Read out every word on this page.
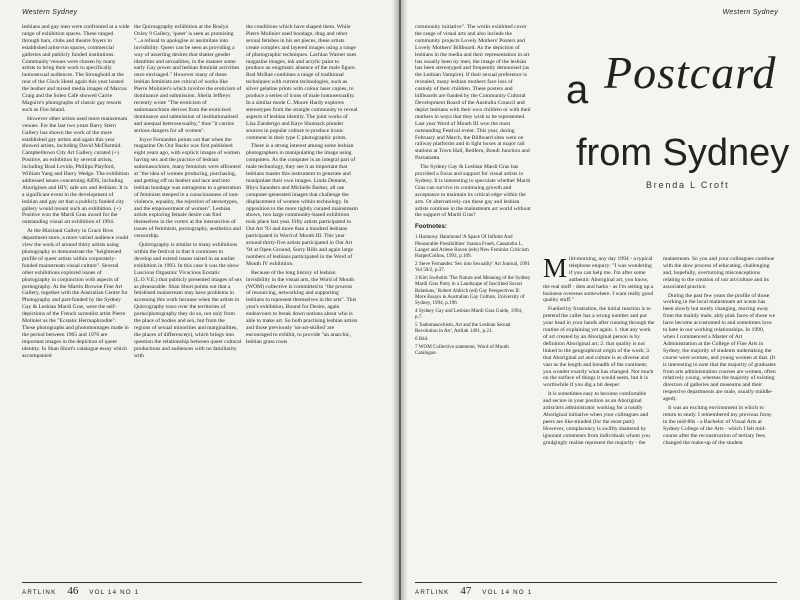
Western Sydney

lesbians and gay men were confronted at a wide range of exhibition spaces. These ranged through bars, clubs and theatre foyers to established artist-run spaces, commercial galleries and publicly funded institutions. Community venues were chosen by many artists to bring their work to specifically homosexual audiences. The Stronghold at the rear of the Clock Hotel again this year hosted the leather and mixed media images of Marcus Craig and the Soleo Café showed Carrie Maguire's photographs of classic gay resorts such as Fire Island.

However other artists used more mainstream venues. For the last two years Barry Stern Gallery has shown the work of the more established gay artists and again this year showed artists, including David McDiarmid. Campbelltown City Art Gallery curated (+) Positive, an exhibition by several artists, including Brad Levido, Phillipa Playford, William Yang and Harry Wedge. The exhibition addressed issues concerning AIDS, including Aborigines and HIV, safe sex and lesbians. It is a significant event in the development of lesbian and gay art that a publicly funded city gallery would mount such an exhibition. (+) Positive won the Mardi Gras award for the outstanding visual art exhibition of 1994.

At the Blaxland Gallery in Grace Bros department store, a more varied audience could view the work of around thirty artists using photography to demonstrate the "heightened profile of queer artists within corporately-funded mainstream visual culture". Several other exhibitions explored issues of photography in conjunction with aspects of pornography. At the Martin Browne Fine Art Gallery, together with the Australian Centre for Photography and part-funded by the Sydney Gay & Lesbian Mardi Gras, were the self-depictions of the French surrealist artist Pierre Molinier as the "Ecstatic Hermaphrodite". These photographs and photomontages made in the period between 1965 and 1976 are important images in the depiction of queer identity. In Shan Short's catalogue essay which accompanied

the Quiroagraphy exhibition at the Roslyn Oxley 9 Gallery, 'queer' is seen as promising "...a refusal to apologise or assimilate into invisibility. Queer can be seen as providing a way of asserting desires that shatter gender identities and sexualities, in the manner some early Gay power and lesbian feminist activities once envisaged." However many of these lesbian feminists are critical of works like Pierre Molinier's which involve the eroticism of dominance and submission. Sheila Jeffreys recently wrote "The eroticism of sadomasochism derives from the eroticised dominance and submission of institutionalised and unequal heterosexuality," thus "it carries serious dangers for all women".

Joyce Fernandez points out that when the magazine On Our Backs was first published eight years ago, with explicit images of women having sex and the practice of lesbian sadomasochism, many feminists were affronted at "the idea of women producing, purchasing, and getting off on leather and lace and into lesbian bondage was outrageous to a generation of feminists steeped in a consciousness of non-violence, equality, the rejection of stereotypes, and the empowerment of women". Lesbian artists exploring female desire can find themselves in the vortex at the intersection of issues of feminism, pornography, aesthetics and censorship.

Quirrography is similar to many exhibitions within the festival in that it continues to develop and extend issues raised in an earlier exhibition in 1993. In this case it was the show Luscious Orgasmic Vivacious Ecstatic (L.O.V.E.) that publicly presented images of sex as pleasurable. Shan Short points out that a fetishised mainstream may have problems in accessing this work because when the artists in Quirrography trace over the territories of porno/photography they do so, not only from the place of bodies and sex, but from the regions of sexual minorities and marginalities, the places of difference(s), which brings into question the relationship between queer cultural productions and audiences with no familiarity with

the conditions which have shaped them. While Pierre Molinier used bondage, drag and other sexual fetishes in his set pieces, these artists create complex and layered images using a range of photographic techniques. Lachlan Warner uses magazine images, ink and acrylic paint to produce an enigmatic absence of the male figure. Rod McRae combines a range of traditional techniques with current technologies, such as silver gelatine prints with colour laser copies, to produce a series of icons of male homosexuality. In a similar mode C. Moore Hardy explores stereotypes from the straight community to reveal aspects of lesbian identity. The joint works of Lisa Zanderigo and Kaye Shumack plunder sources in popular culture to produce ironic comment in their type C photographic prints.

There is a strong interest among some lesbian photographers in manipulating the image using computers. As the computer is an integral part of male technology, they see it as important that lesbians master this instrument to generate and manipulate their own images. Linda Dement, Rhyu Saunders and Michelle Barker, all use computer-generated images that challenge the displacement of women within technology. In opposition to the more tightly curated mainstream shows, two large community-based exhibition took place last year. Fifty artists participated in Out Art '93 and more than a hundred lesbians participated in Word of Mouth III. This year around thirty-five artists participated in Out Art '94 at Open Ground, Surry Hills and again large numbers of lesbians participated in the Word of Mouth IV exhibition.

Because of the long history of lesbian invisibility in the visual arts, the Word of Mouth (WOM) collective is committed to "the process of resourcing, networking and supporting lesbians to represent themselves in the arts". This year's exhibition, Bound for Desire, again endeavours to break down notions about who is able to make art. So both practising lesbian artists and those previously 'un-art-skilled' are encouraged to exhibit, to provide "an anarchic, lesbian grass roots

ARTLINK 46 VOL 14 NO 1
Western Sydney
Postcard
a
from Sydney
Brenda L Croft

community initiative". The works exhibited cover the range of visual arts and also include the community projects Lovely Mothers' Posters and Lovely Mothers' Billboard. As the depiction of lesbians in the media and their representation in art has usually been by men, the image of the lesbian has been stereotyped and frequently demonised (as the Lesbian Vampire). If their sexual preference is revealed, many lesbian mothers face loss of custody of their children. These posters and billboards are funded by the Community Cultural Development Board of the Australia Council and depict lesbians with their own children or with their mothers in ways that they wish to be represented. Last year Word of Mouth III won the most outstanding Festival event. This year, during February and March, the Billboard sites were on railway platforms and in light boxes at major rail stations at Town Hall, Redfern, Bondi Junction and Parramatta.

The Sydney Gay & Lesbian Mardi Gras has provided a focus and support for visual artists in Sydney. It is interesting to speculate whether Mardi Gras can survive its continuing growth and acceptance to maintain its critical edge within the arts. Or alternatively can these gay and lesbian artists continue in the mainstream art world without the support of Mardi Gras?

Footnotes:
1 Harmony Hammond 'A Space Of Infinite And Pleasurable Possibilities' Joanna Frueh, Cassandra L. Langer and Arlene Raven (eds) New Feminist Criticism HarperCollins, 1993, p.109.
2 Steve Fernandez 'Sex into Sexuality' Art Journal, 1991 Vol 50/2, p.37.
3 Kim Swiholm 'The Nature and Meaning of the Sydney Mardi Gras Party in a Landscape of Inscribed Social Relations,' Robert Aldrich (ed) Gay Perspectives II: More Essays in Australian Gay Culture, University of Sydney, 1994, p.196.
4 Sydney Gay and Lesbian Mardi Gras Guide, 1994, p.7.
5 'Sadomasochism, Art and the Lesbian Sexual Revolution in Art', Artlink 1491, p.21.
6 Ibid.
7 WOM Collective statement, Word of Mouth Catalogue.

Mild-morning, any day 1994 - a typical telephone enquiry: "I was wondering if you can help me. I'm after some authentic Aboriginal art, you know, the real stuff - dots and barks - as I'm setting up a business overseas somewhere. I want really good quality stuff."

Fuelled by frustration, the initial reaction is to pretend the caller has a wrong number and put your head in your hands after running through the routine of explaining yet again. 1. that any work of art created by an Aboriginal person is by definition Aboriginal art; 2. that quality is not linked to the geographical origin of the work; 3. that Aboriginal art and culture is as diverse and vast as the length and breadth of the continent; you wonder exactly what has changed. Not much on the surface of things it would seem, but it is worthwhile if you dig a bit deeper.

It is sometimes easy to become comfortable and secure in your position as an Aboriginal artist/arts administrator working for a totally Aboriginal initiative when your colleagues and peers are like-minded (for the most part). However, complacency is swiftly shattered by ignorant comments from individuals whom you grudgingly realise represent the majority - the

mainstream. So you and your colleagues continue with the slow process of educating, challenging and, hopefully, overturning misconceptions relating to the creation of our art/culture and its associated practice.

During the past few years the profile of those working in the local mainstream art scene has been slowly but surely changing, moving away from the mainly male, ably pink faces of those we have become accustomed to and sometimes love to hate in our working relationships. In 1990, when I commenced a Master of Art Administration at the College of Fine Arts in Sydney, the majority of students undertaking the course were women, and young women at that. (It is interesting to note that the majority of graduates from arts administration courses are women, often relatively young, whereas the majority of existing directors of galleries and museums and their respective departments are male, usually middle-aged).

It was an exciting environment in which to return to study. I remembered my previous foray in the mid-80s - a Bachelor of Visual Arts at Sydney College of the Arts - which I felt mid-course after the reconstruction of tertiary fees changed the make-up of the student

ARTLINK 47 VOL 14 NO 1
